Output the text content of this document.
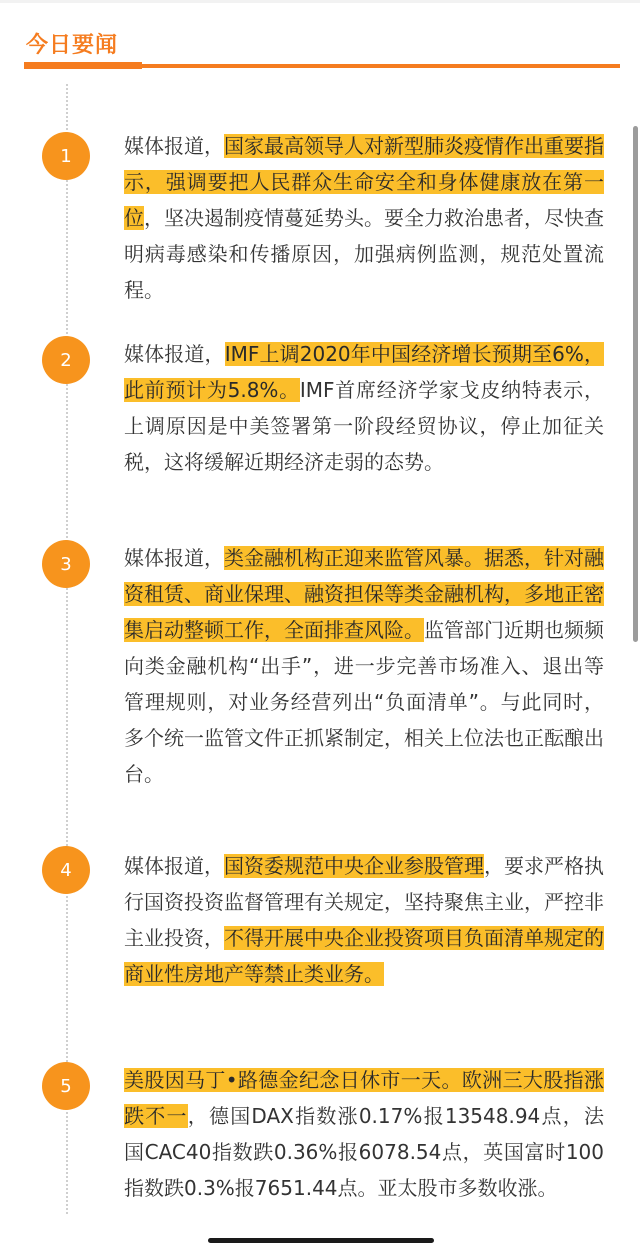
今日要闻
1	媒体报道，国家最高领导人对新型肺炎疫情作出重要指示，强调要把人民群众生命安全和身体健康放在第一位，坚决遏制疫情蔓延势头。要全力救治患者，尽快查明病毒感染和传播原因，加强病例监测，规范处置流程。
2	媒体报道，IMF上调2020年中国经济增长预期至6%，此前预计为5.8%。IMF首席经济学家戈皮纳特表示，上调原因是中美签署第一阶段经贸协议，停止加征关税，这将缓解近期经济走弱的态势。
3	媒体报道，类金融机构正迎来监管风暴。据悉，针对融资租赁、商业保理、融资担保等类金融机构，多地正密集启动整顿工作，全面排查风险。监管部门近期也频频向类金融机构“出手”，进一步完善市场准入、退出等管理规则，对业务经营列出“负面清单”。与此同时，多个统一监管文件正抓紧制定，相关上位法也正酝酿出台。
4	媒体报道，国资委规范中央企业参股管理，要求严格执行国资投资监督管理有关规定，坚持聚焦主业，严控非主业投资，不得开展中央企业投资项目负面清单规定的商业性房地产等禁止类业务。
5	美股因马丁•路德金纪念日休市一天。欧洲三大股指涨跌不一，德国DAX指数涨0.17%报13548.94点，法国CAC40指数跌0.36%报6078.54点，英国富时100指数跌0.3%报7651.44点。亚太股市多数收涨。
